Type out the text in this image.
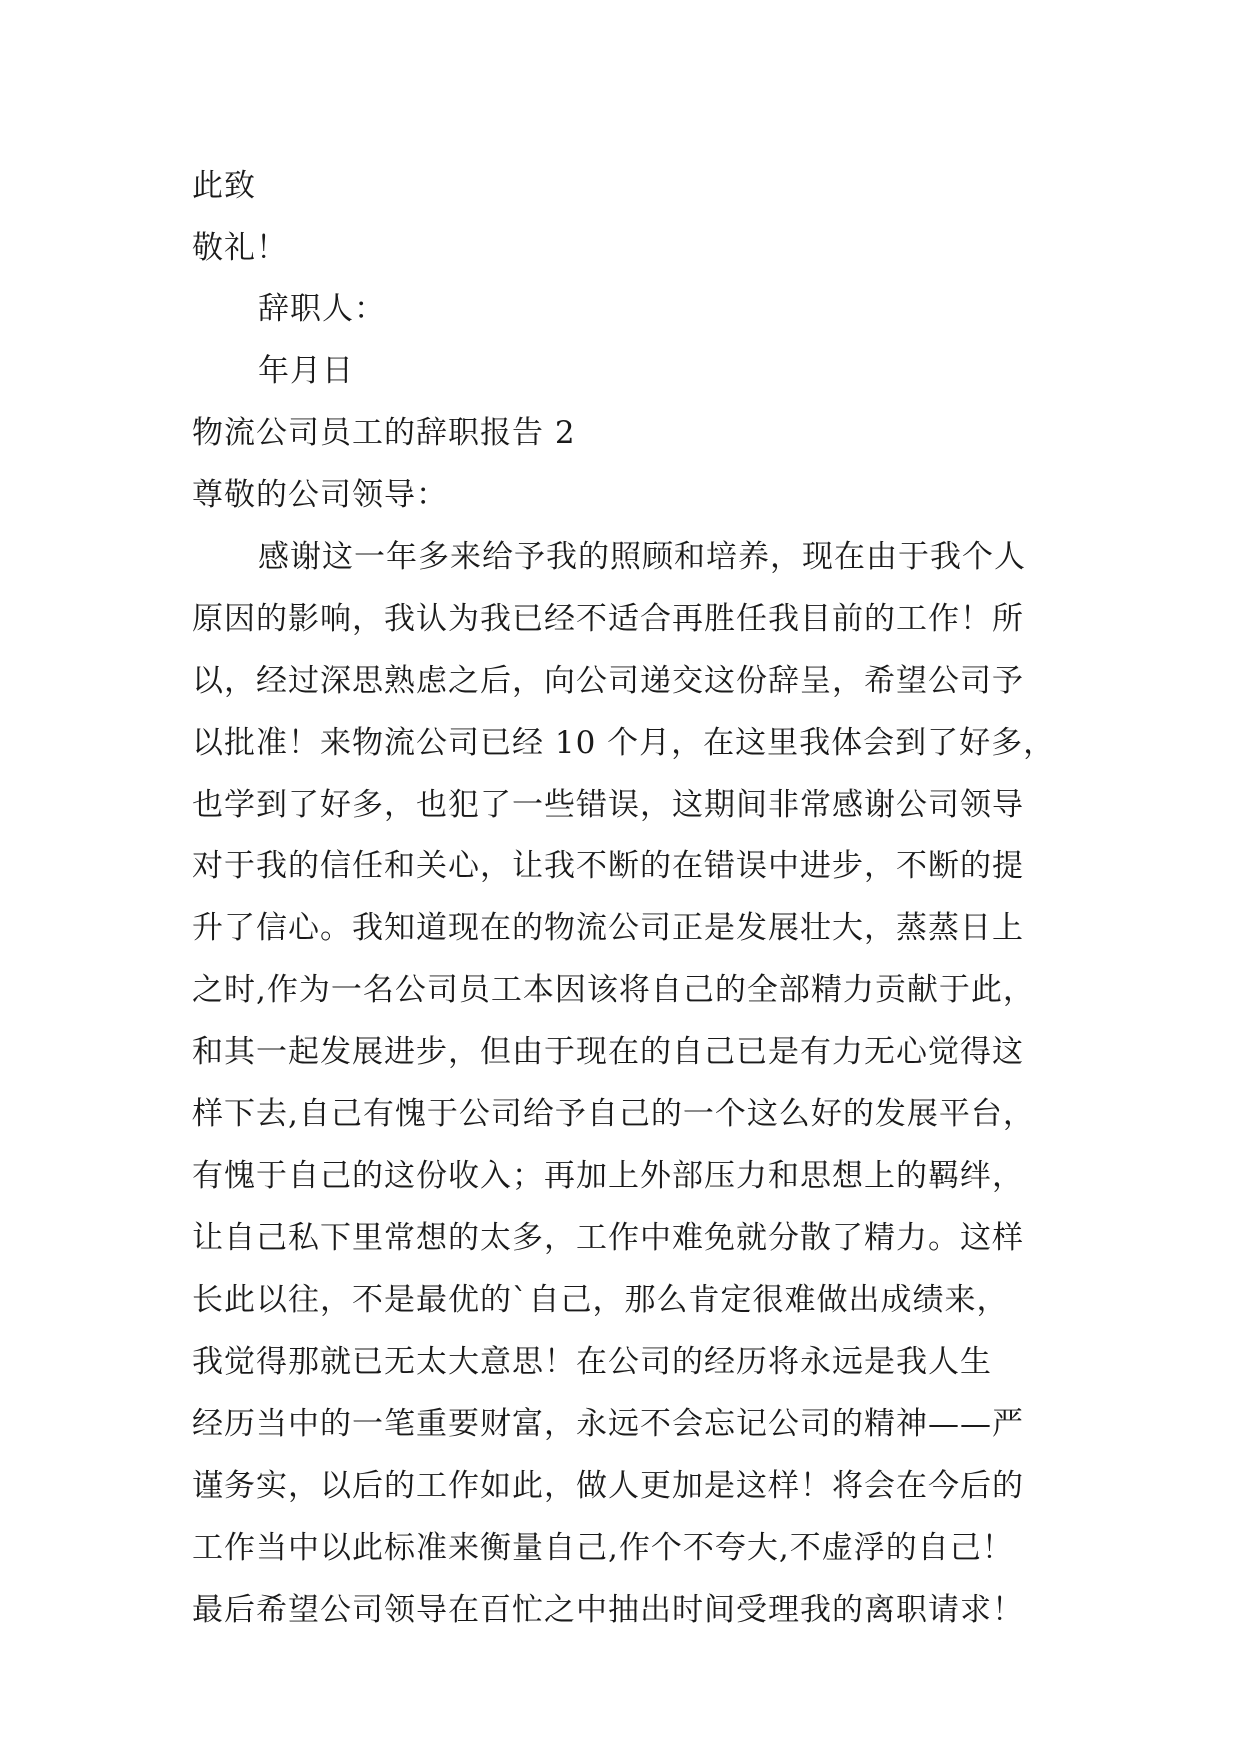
此致
敬礼！
辞职人：
年月日
物流公司员工的辞职报告 2
尊敬的公司领导：
感谢这一年多来给予我的照顾和培养，现在由于我个人
原因的影响，我认为我已经不适合再胜任我目前的工作！所
以，经过深思熟虑之后，向公司递交这份辞呈，希望公司予
以批准！来物流公司已经 10 个月，在这里我体会到了好多，
也学到了好多，也犯了一些错误，这期间非常感谢公司领导
对于我的信任和关心，让我不断的在错误中进步，不断的提
升了信心。我知道现在的物流公司正是发展壮大，蒸蒸日上
之时,作为一名公司员工本因该将自己的全部精力贡献于此，
和其一起发展进步，但由于现在的自己已是有力无心觉得这
样下去,自己有愧于公司给予自己的一个这么好的发展平台，
有愧于自己的这份收入；再加上外部压力和思想上的羁绊，
让自己私下里常想的太多，工作中难免就分散了精力。这样
长此以往，不是最优的`自己，那么肯定很难做出成绩来，
我觉得那就已无太大意思！在公司的经历将永远是我人生
经历当中的一笔重要财富，永远不会忘记公司的精神——严
谨务实，以后的工作如此，做人更加是这样！将会在今后的
工作当中以此标准来衡量自己,作个不夸大,不虚浮的自己！
最后希望公司领导在百忙之中抽出时间受理我的离职请求！
